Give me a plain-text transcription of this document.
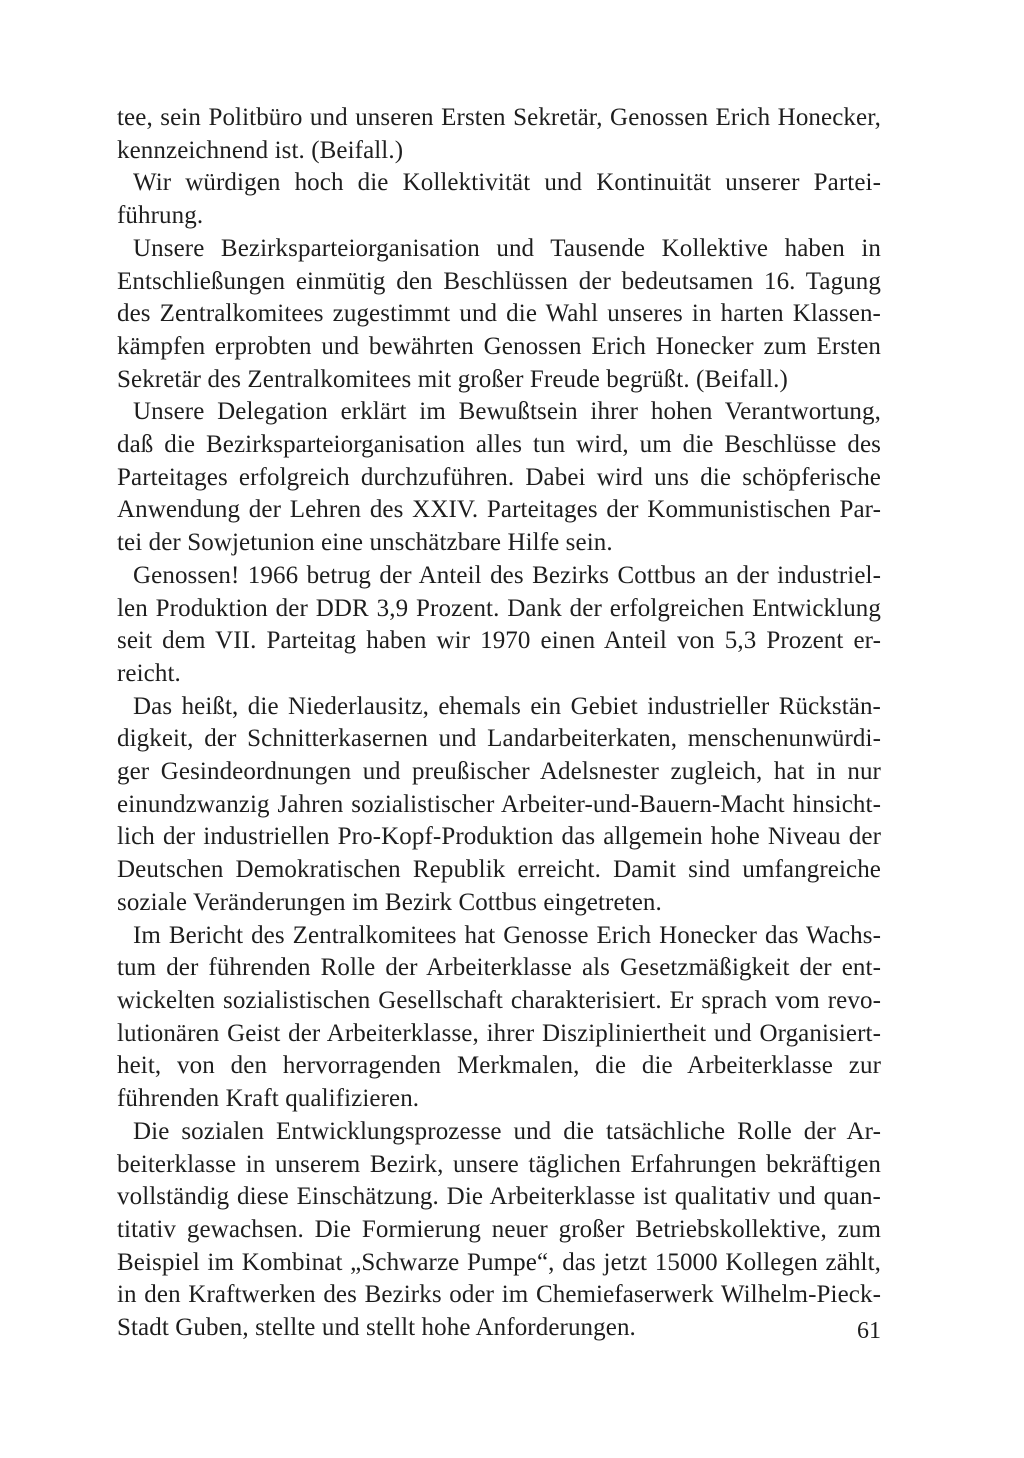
tee, sein Politbüro und unseren Ersten Sekretär, Genossen Erich Honecker,
kennzeichnend ist. (Beifall.)
Wir würdigen hoch die Kollektivität und Kontinuität unserer Partei-
führung.
Unsere Bezirksparteiorganisation und Tausende Kollektive haben in
Entschließungen einmütig den Beschlüssen der bedeutsamen 16. Tagung
des Zentralkomitees zugestimmt und die Wahl unseres in harten Klassen-
kämpfen erprobten und bewährten Genossen Erich Honecker zum Ersten
Sekretär des Zentralkomitees mit großer Freude begrüßt. (Beifall.)
Unsere Delegation erklärt im Bewußtsein ihrer hohen Verantwortung,
daß die Bezirksparteiorganisation alles tun wird, um die Beschlüsse des
Parteitages erfolgreich durchzuführen. Dabei wird uns die schöpferische
Anwendung der Lehren des XXIV. Parteitages der Kommunistischen Par-
tei der Sowjetunion eine unschätzbare Hilfe sein.
Genossen! 1966 betrug der Anteil des Bezirks Cottbus an der industriel-
len Produktion der DDR 3,9 Prozent. Dank der erfolgreichen Entwicklung
seit dem VII. Parteitag haben wir 1970 einen Anteil von 5,3 Prozent er-
reicht.
Das heißt, die Niederlausitz, ehemals ein Gebiet industrieller Rückstän-
digkeit, der Schnitterkasernen und Landarbeiterkaten, menschenunwürdi-
ger Gesindeordnungen und preußischer Adelsnester zugleich, hat in nur
einundzwanzig Jahren sozialistischer Arbeiter-und-Bauern-Macht hinsicht-
lich der industriellen Pro-Kopf-Produktion das allgemein hohe Niveau der
Deutschen Demokratischen Republik erreicht. Damit sind umfangreiche
soziale Veränderungen im Bezirk Cottbus eingetreten.
Im Bericht des Zentralkomitees hat Genosse Erich Honecker das Wachs-
tum der führenden Rolle der Arbeiterklasse als Gesetzmäßigkeit der ent-
wickelten sozialistischen Gesellschaft charakterisiert. Er sprach vom revo-
lutionären Geist der Arbeiterklasse, ihrer Diszipliniertheit und Organisiert-
heit, von den hervorragenden Merkmalen, die die Arbeiterklasse zur
führenden Kraft qualifizieren.
Die sozialen Entwicklungsprozesse und die tatsächliche Rolle der Ar-
beiterklasse in unserem Bezirk, unsere täglichen Erfahrungen bekräftigen
vollständig diese Einschätzung. Die Arbeiterklasse ist qualitativ und quan-
titativ gewachsen. Die Formierung neuer großer Betriebskollektive, zum
Beispiel im Kombinat „Schwarze Pumpe“, das jetzt 15000 Kollegen zählt,
in den Kraftwerken des Bezirks oder im Chemiefaserwerk Wilhelm-Pieck-
Stadt Guben, stellte und stellt hohe Anforderungen.	61
